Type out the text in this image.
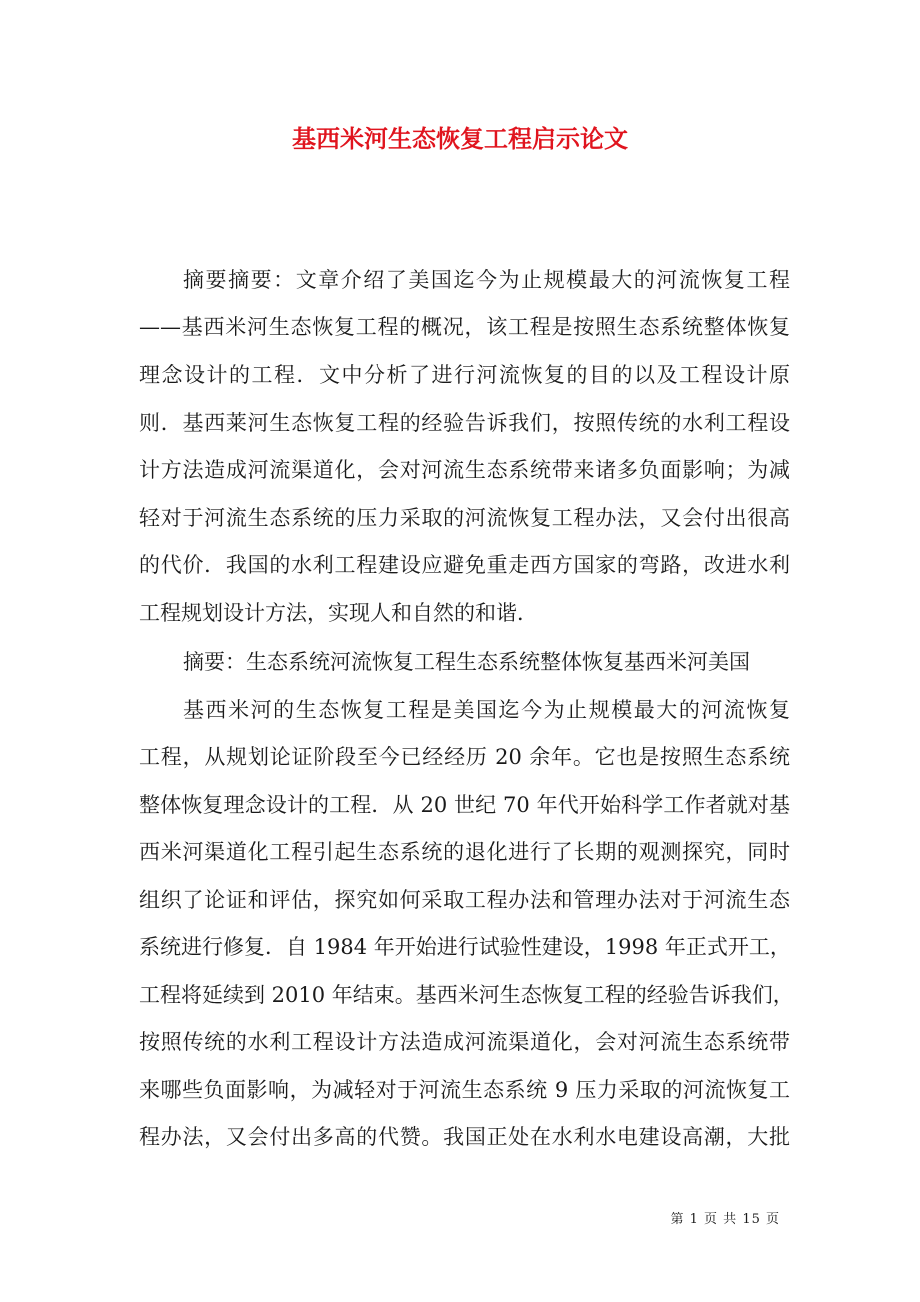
基西米河生态恢复工程启示论文
摘要摘要：文章介绍了美国迄今为止规模最大的河流恢复工程
——基西米河生态恢复工程的概况，该工程是按照生态系统整体恢复
理念设计的工程．文中分析了进行河流恢复的目的以及工程设计原
则．基西莱河生态恢复工程的经验告诉我们，按照传统的水利工程设
计方法造成河流渠道化，会对河流生态系统带来诸多负面影响；为减
轻对于河流生态系统的压力采取的河流恢复工程办法，又会付出很高
的代价．我国的水利工程建设应避免重走西方国家的弯路，改进水利
工程规划设计方法，实现人和自然的和谐．
摘要：生态系统河流恢复工程生态系统整体恢复基西米河美国
基西米河的生态恢复工程是美国迄今为止规模最大的河流恢复
工程，从规划论证阶段至今已经经历 20 余年。它也是按照生态系统
整体恢复理念设计的工程．从 20 世纪 70 年代开始科学工作者就对基
西米河渠道化工程引起生态系统的退化进行了长期的观测探究，同时
组织了论证和评估，探究如何采取工程办法和管理办法对于河流生态
系统进行修复．自 1984 年开始进行试验性建设，1998 年正式开工，
工程将延续到 2010 年结束。基西米河生态恢复工程的经验告诉我们，
按照传统的水利工程设计方法造成河流渠道化，会对河流生态系统带
来哪些负面影响，为减轻对于河流生态系统 9 压力采取的河流恢复工
程办法，又会付出多高的代赞。我国正处在水利水电建设高潮，大批
第 1 页 共 15 页
